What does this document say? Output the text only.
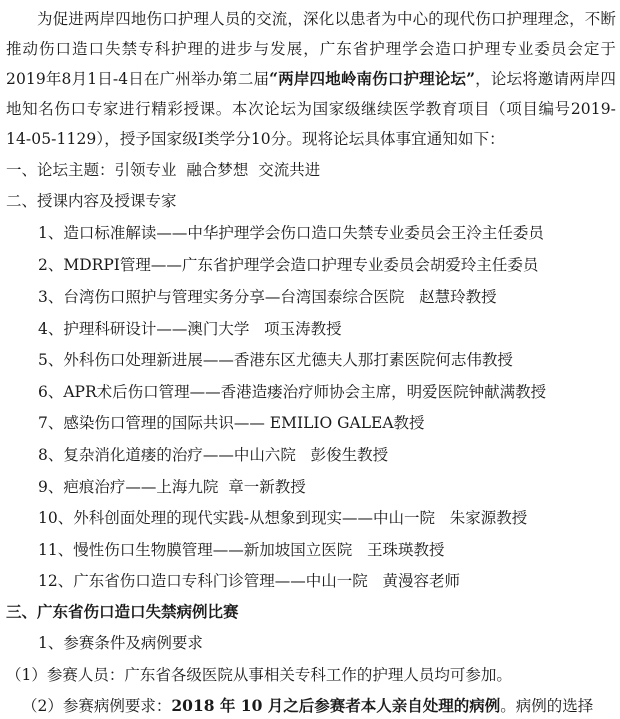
为促进两岸四地伤口护理人员的交流，深化以患者为中心的现代伤口护理理念，不断推动伤口造口失禁专科护理的进步与发展，广东省护理学会造口护理专业委员会定于2019年8月1日-4日在广州举办第二届“两岸四地岭南伤口护理论坛”，论坛将邀请两岸四地知名伤口专家进行精彩授课。本次论坛为国家级继续医学教育项目（项目编号2019-14-05-1129），授予国家级Ⅰ类学分10分。现将论坛具体事宜通知如下：
一、论坛主题：引领专业  融合梦想  交流共进
二、授课内容及授课专家
1、造口标准解读——中华护理学会伤口造口失禁专业委员会王泠主任委员
2、MDRPI管理——广东省护理学会造口护理专业委员会胡爱玲主任委员
3、台湾伤口照护与管理实务分享—台湾国泰综合医院   赵慧玲教授
4、护理科研设计——澳门大学   项玉涛教授
5、外科伤口处理新进展——香港东区尤德夫人那打素医院何志伟教授
6、APR术后伤口管理——香港造瘘治疗师协会主席，明爱医院钟献满教授
7、感染伤口管理的国际共识—— EMILIO GALEA教授
8、复杂消化道瘘的治疗——中山六院   彭俊生教授
9、疤痕治疗——上海九院  章一新教授
10、外科创面处理的现代实践-从想象到现实——中山一院   朱家源教授
11、慢性伤口生物膜管理——新加坡国立医院   王珠瑛教授
12、广东省伤口造口专科门诊管理——中山一院   黄漫容老师
三、广东省伤口造口失禁病例比赛
1、参赛条件及病例要求
（1）参赛人员：广东省各级医院从事相关专科工作的护理人员均可参加。
（2）参赛病例要求：2018 年 10 月之后参赛者本人亲自处理的病例。病例的选择
